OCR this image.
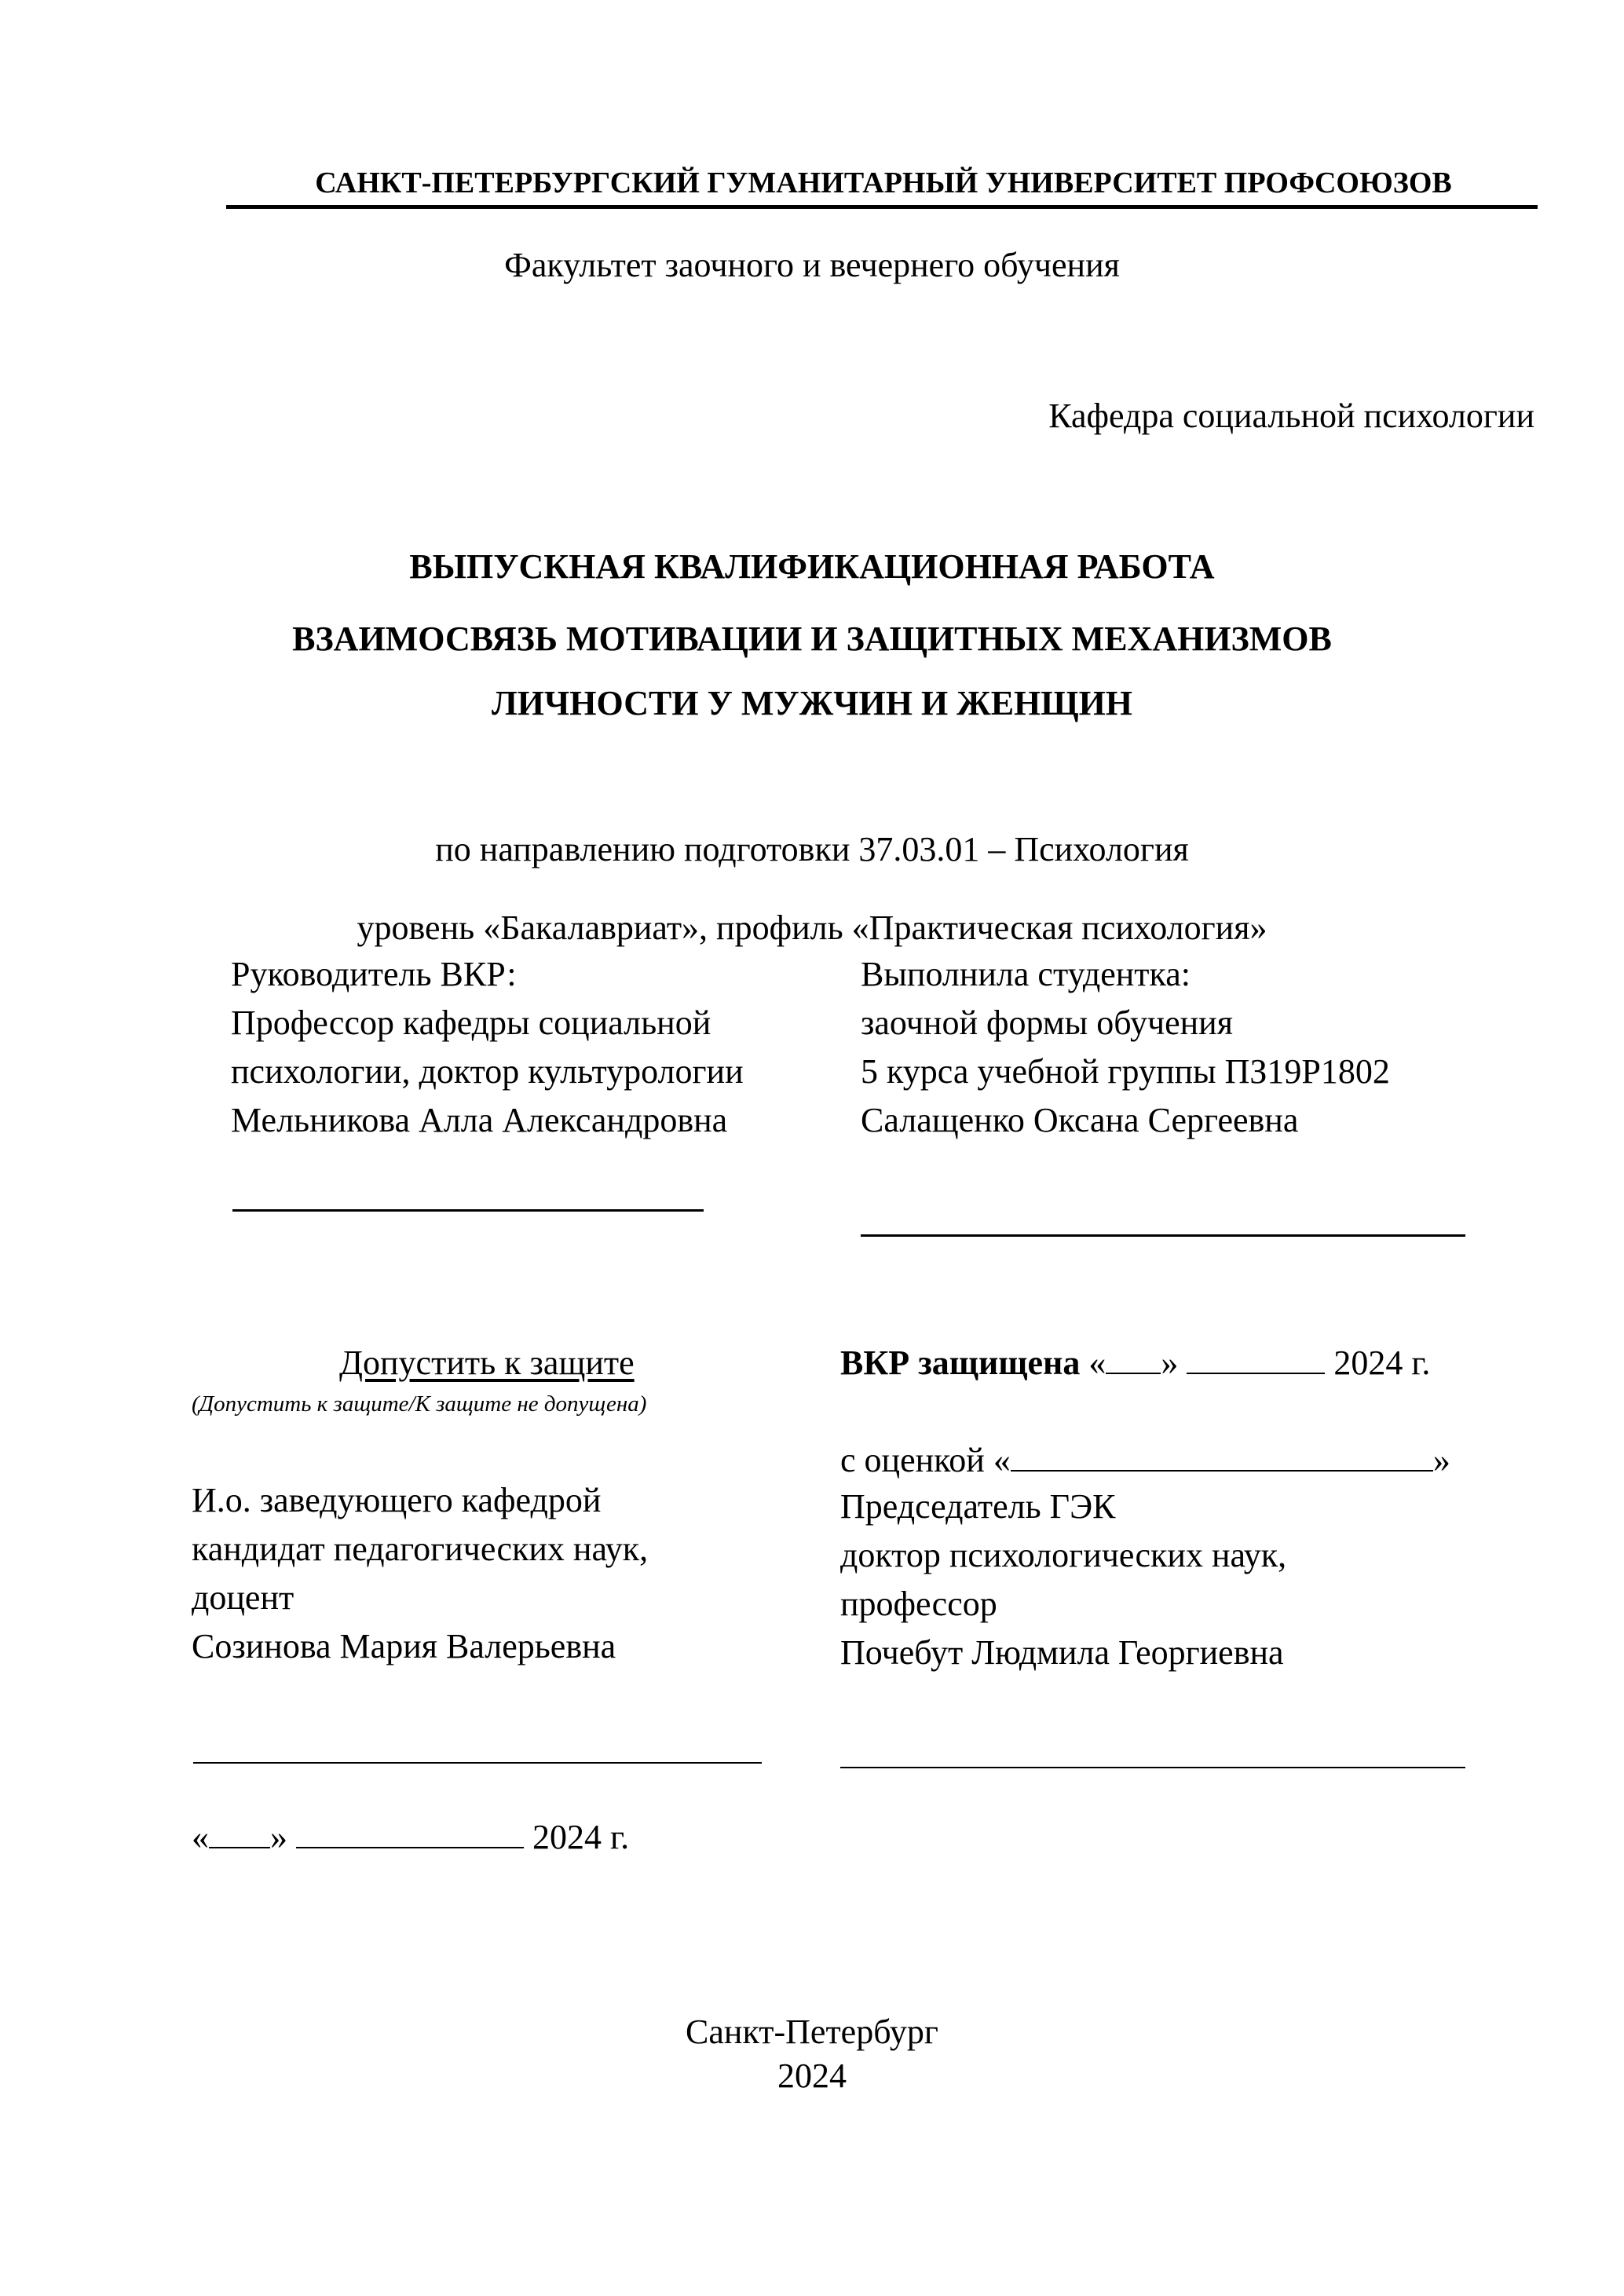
САНКТ-ПЕТЕРБУРГСКИЙ ГУМАНИТАРНЫЙ УНИВЕРСИТЕТ ПРОФСОЮЗОВ
Факультет заочного и вечернего обучения
Кафедра социальной психологии
ВЫПУСКНАЯ КВАЛИФИКАЦИОННАЯ РАБОТА
ВЗАИМОСВЯЗЬ МОТИВАЦИИ И ЗАЩИТНЫХ МЕХАНИЗМОВ
ЛИЧНОСТИ У МУЖЧИН И ЖЕНЩИН
по направлению подготовки 37.03.01 – Психология
уровень «Бакалавриат», профиль «Практическая психология»
Руководитель ВКР:
Профессор кафедры социальной
психологии, доктор культурологии
Мельникова Алла Александровна
Выполнила студентка:
заочной формы обучения
5 курса учебной группы ПЗ19Р1802
Салащенко Оксана Сергеевна
Допустить к защите
(Допустить к защите/К защите не допущена)
И.о. заведующего кафедрой
кандидат педагогических наук,
доцент
Созинова Мария Валерьевна
« »	2024 г.
ВКР защищена « »	2024 г.
с оценкой «	»
Председатель ГЭК
доктор психологических наук,
профессор
Почебут Людмила Георгиевна
Санкт-Петербург
2024
